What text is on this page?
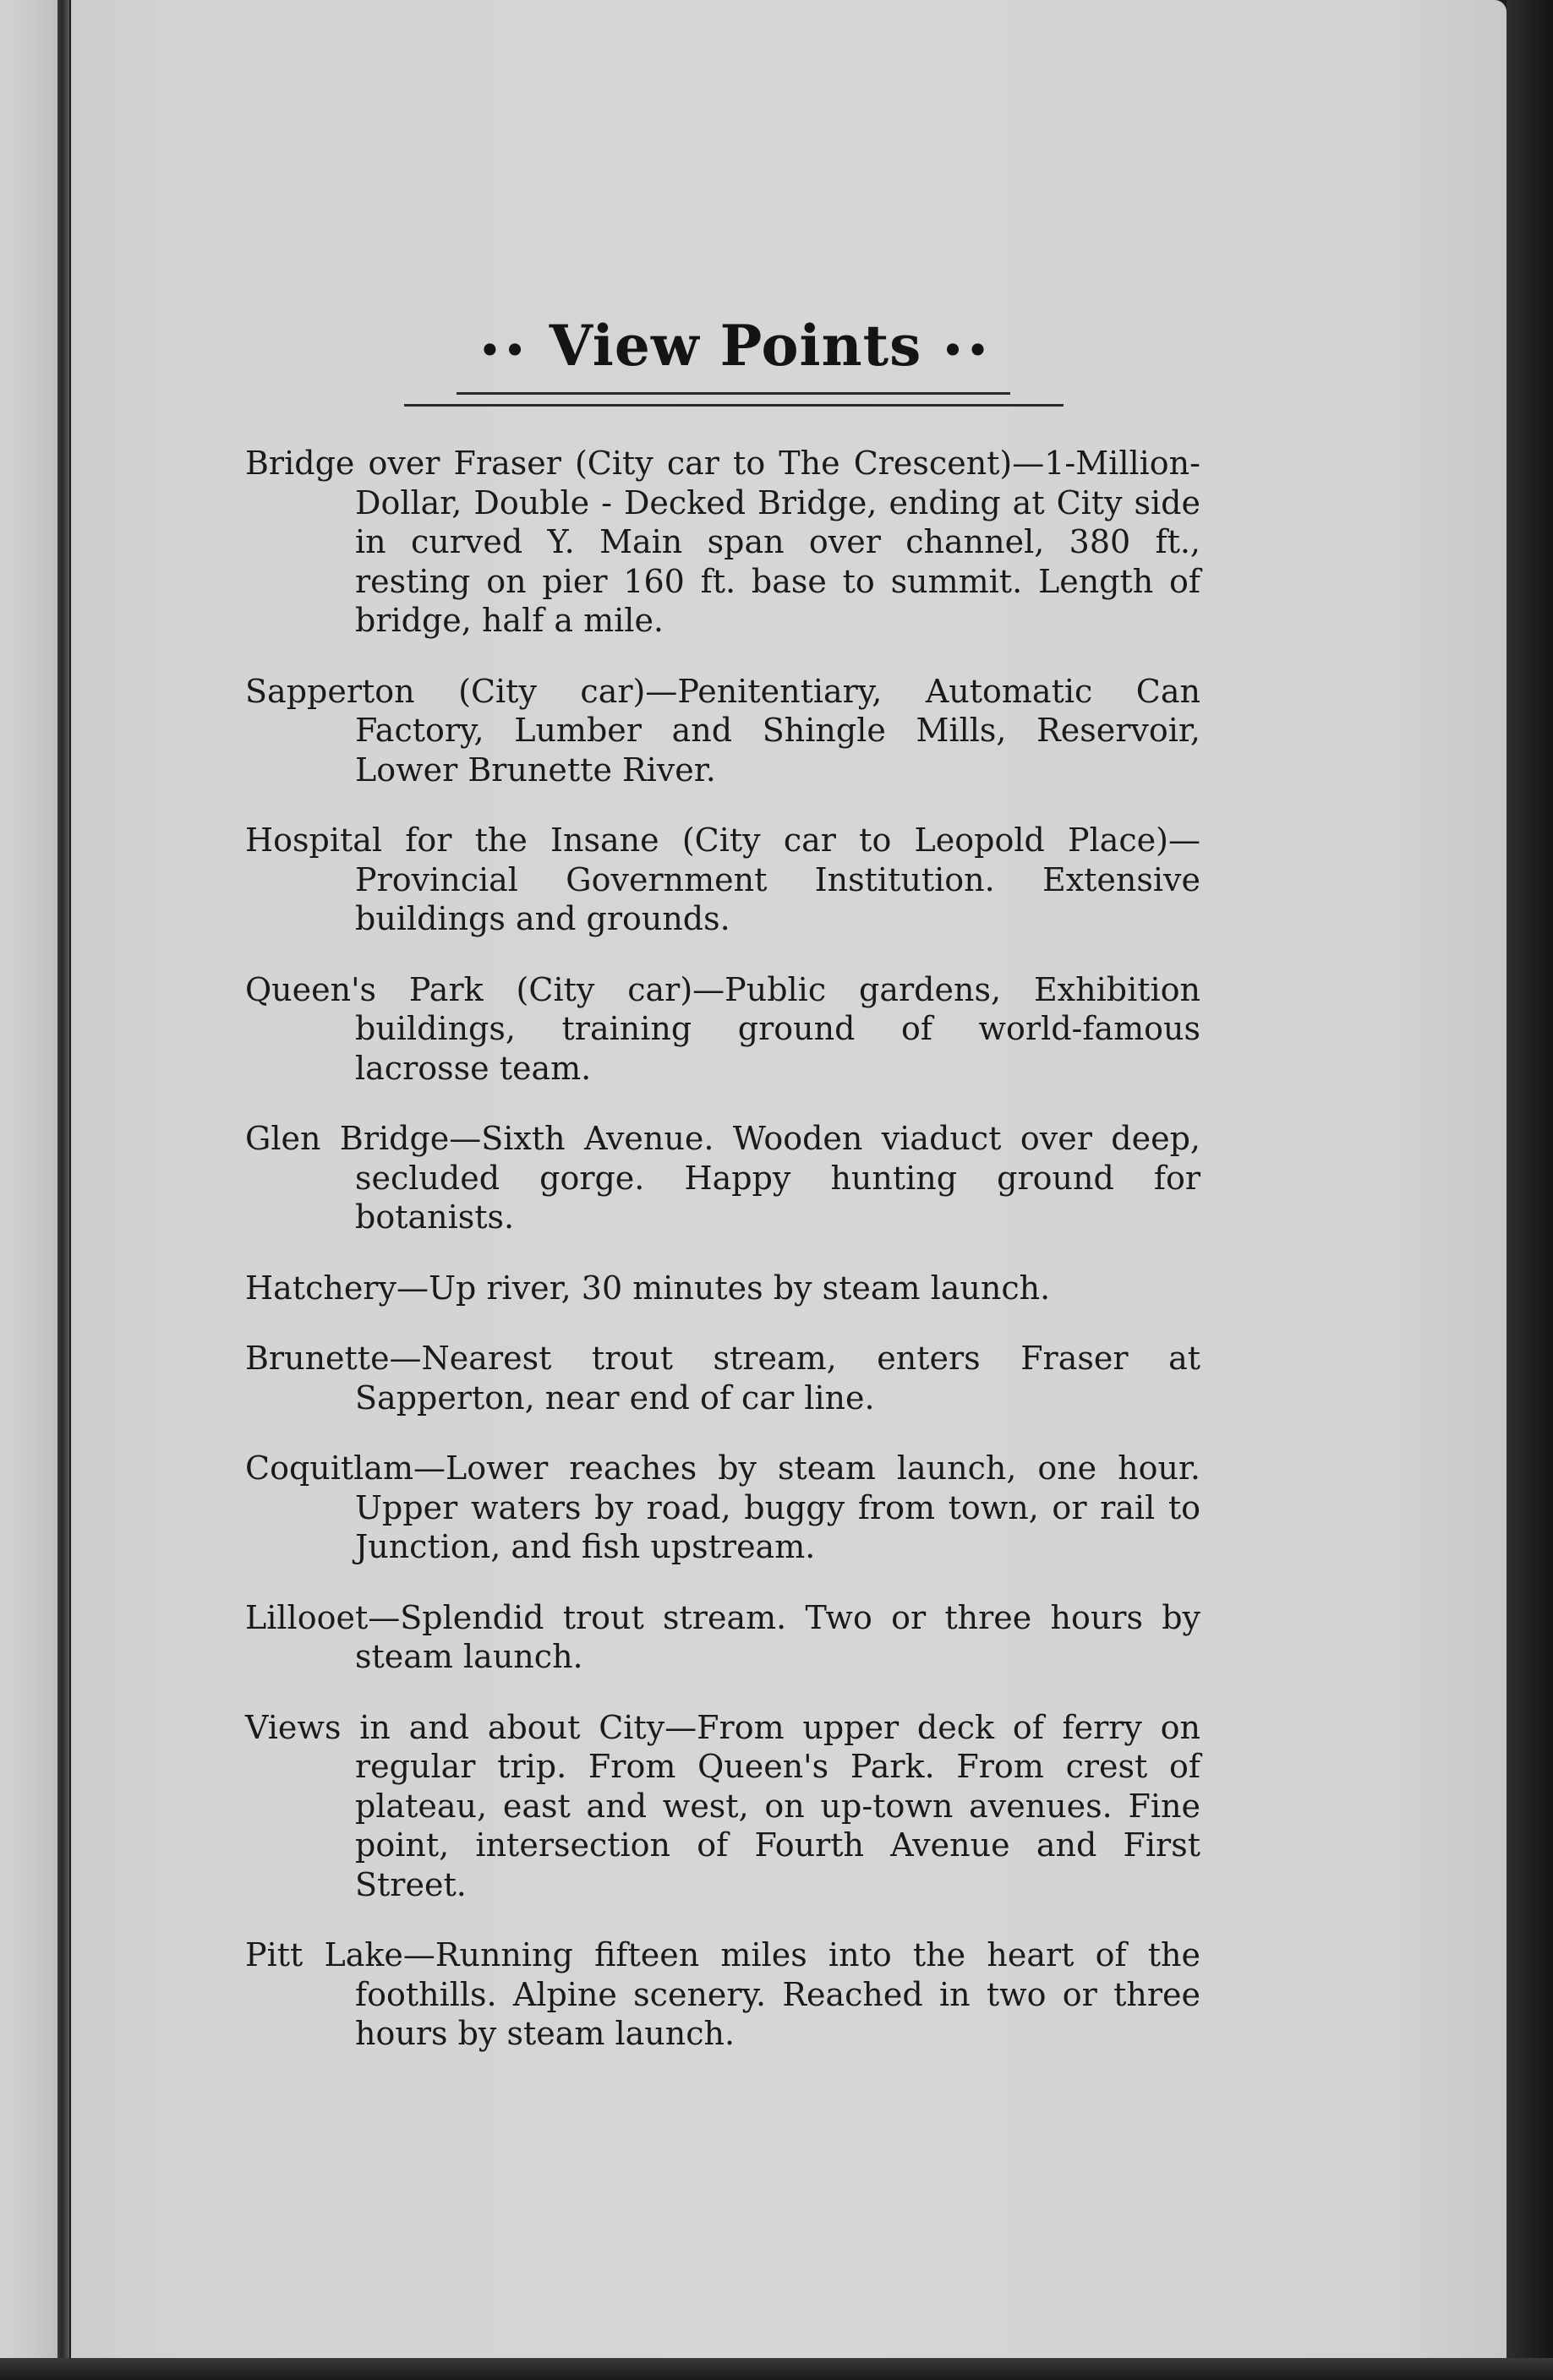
•• View Points ••

Bridge over Fraser (City car to The Crescent)—1-Million-Dollar, Double - Decked Bridge, ending at City side in curved Y. Main span over channel, 380 ft., resting on pier 160 ft. base to summit. Length of bridge, half a mile.

Sapperton (City car)—Penitentiary, Automatic Can Factory, Lumber and Shingle Mills, Reservoir, Lower Brunette River.

Hospital for the Insane (City car to Leopold Place)—Provincial Government Institution. Extensive buildings and grounds.

Queen's Park (City car)—Public gardens, Exhibition buildings, training ground of world-famous lacrosse team.

Glen Bridge—Sixth Avenue. Wooden viaduct over deep, secluded gorge. Happy hunting ground for botanists.

Hatchery—Up river, 30 minutes by steam launch.

Brunette—Nearest trout stream, enters Fraser at Sapperton, near end of car line.

Coquitlam—Lower reaches by steam launch, one hour. Upper waters by road, buggy from town, or rail to Junction, and fish upstream.

Lillooet—Splendid trout stream. Two or three hours by steam launch.

Views in and about City—From upper deck of ferry on regular trip. From Queen's Park. From crest of plateau, east and west, on up-town avenues. Fine point, intersection of Fourth Avenue and First Street.

Pitt Lake—Running fifteen miles into the heart of the foothills. Alpine scenery. Reached in two or three hours by steam launch.
